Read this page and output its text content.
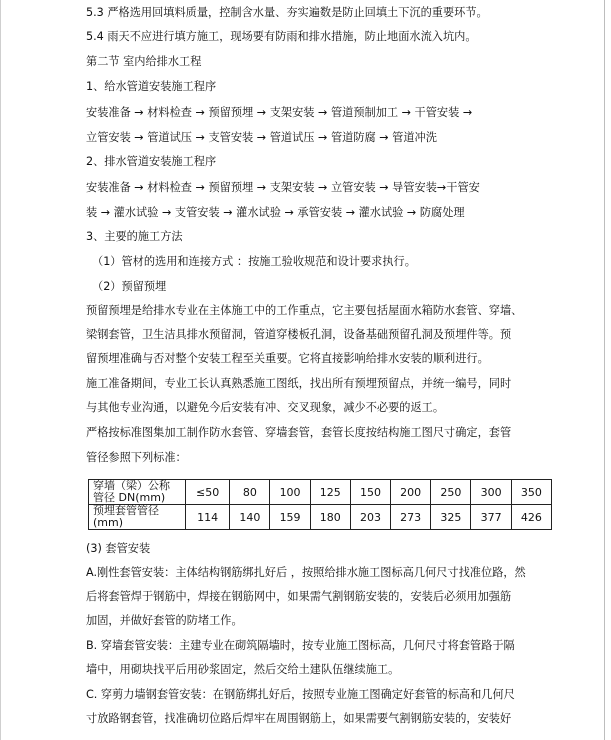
5.3 严格选用回填料质量，控制含水量、夯实遍数是防止回填土下沉的重要环节。
5.4 雨天不应进行填方施工，现场要有防雨和排水措施，防止地面水流入坑内。
第二节 室内给排水工程
1、给水管道安装施工程序
安装准备 → 材料检查 → 预留预埋 → 支架安装 → 管道预制加工 → 干管安装 →
立管安装 → 管道试压 → 支管安装 → 管道试压 → 管道防腐 → 管道冲洗
2、排水管道安装施工程序
安装准备 → 材料检查 → 预留预埋 → 支架安装 → 立管安装 → 导管安装→干管安
装 → 灌水试验 → 支管安装 → 灌水试验 → 承管安装 → 灌水试验 → 防腐处理
3、主要的施工方法
（1）管材的选用和连接方式 ：按施工验收规范和设计要求执行。
（2）预留预埋
预留预埋是给排水专业在主体施工中的工作重点，它主要包括屋面水箱防水套管、穿墙、
梁钢套管，卫生洁具排水预留洞，管道穿楼板孔洞，设备基础预留孔洞及预埋件等。预
留预埋准确与否对整个安装工程至关重要。它将直接影响给排水安装的顺利进行。
施工准备期间，专业工长认真熟悉施工图纸，找出所有预埋预留点，并统一编号，同时
与其他专业沟通，以避免今后安装有冲、交叉现象，减少不必要的返工。
严格按标准图集加工制作防水套管、穿墙套管，套管长度按结构施工图尺寸确定，套管
管径参照下列标准：
穿墙（梁）公称
管径 DN(mm)	≤50	80	100	125	150	200	250	300	350

预埋套管管径
(mm)	114	140	159	180	203	273	325	377	426
(3) 套管安装
A.刚性套管安装：主体结构钢筋绑扎好后 ，按照给排水施工图标高几何尺寸找准位路，然
后将套管焊于钢筋中，焊接在钢筋网中，如果需气割钢筋安装的，安装后必须用加强筋
加固，并做好套管的防堵工作。
B. 穿墙套管安装：主建专业在砌筑隔墙时，按专业施工图标高，几何尺寸将套管路于隔
墙中，用砌块找平后用砂浆固定，然后交给土建队伍继续施工。
C. 穿剪力墙钢套管安装：在钢筋绑扎好后，按照专业施工图确定好套管的标高和几何尺
寸放路钢套管，找准确切位路后焊牢在周围钢筋上，如果需要气割钢筋安装的，安装好
